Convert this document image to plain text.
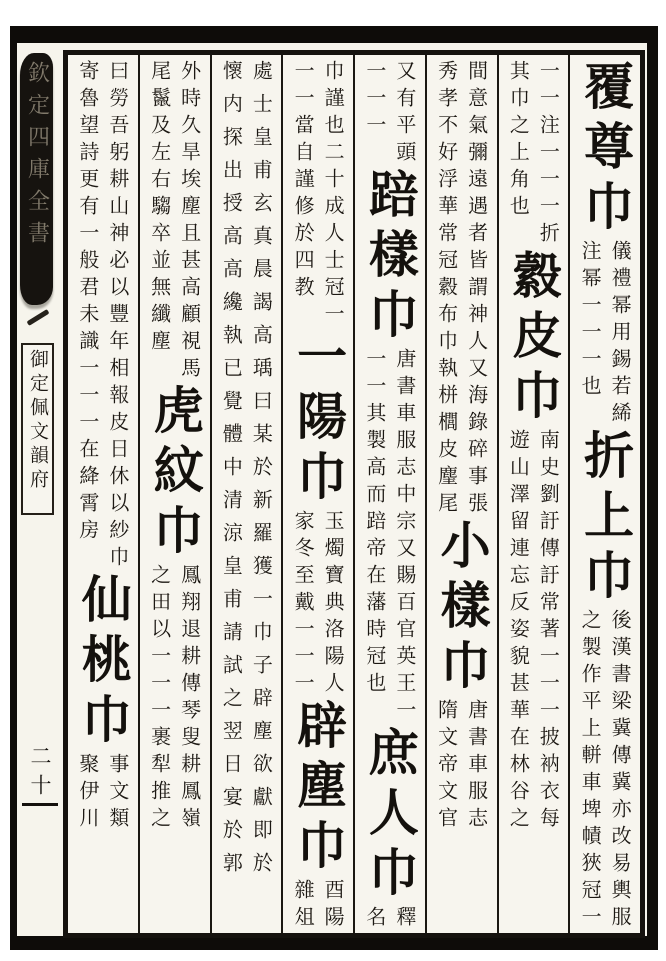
欽定四庫全書
御定佩文韻府
二十
覆尊巾
儀禮幂用錫若絺
注幂一一一也
折上巾
後漢書梁冀傳冀亦改易輿服
之製作平上軿車埤幘狹冠一
一一注一一一折
其巾之上角也
縠皮巾
南史劉訏傳訏常著一一一披衲衣每
遊山澤留連忘反姿貌甚華在林谷之
間意氣彌遠遇者皆謂神人又海錄碎事張
秀孝不好浮華常冠縠布巾執栟櫚皮麈尾
小樣巾
唐書車服志
隋文帝文官
又有平頭
一一一
踣樣巾
唐書車服志中宗又賜百官英王一
一一其製高而踣帝在藩時冠也
庶人巾
釋
名
巾謹也二十成人士冠一
一一當自謹修於四教
一陽巾
玉燭寶典洛陽人
家冬至戴一一一
辟塵巾
酉陽
雜俎
處士皇甫玄真晨謁高瑀曰某於新羅獲一巾子辟塵欲獻即於
懷内探出授高高纔執已覺體中清涼皇甫請試之翌日宴於郭
外時久旱埃塵且甚高顧視馬
尾鬣及左右騶卒並無纖塵
虎紋巾
鳳翔退耕傳琴叟耕鳳嶺
之田以一一一裹犁推之
曰勞吾躬耕山神必以豐年相報皮日休以紗巾
寄魯望詩更有一般君未識一一一在絳霄房
仙桃巾
事文類
聚伊川
